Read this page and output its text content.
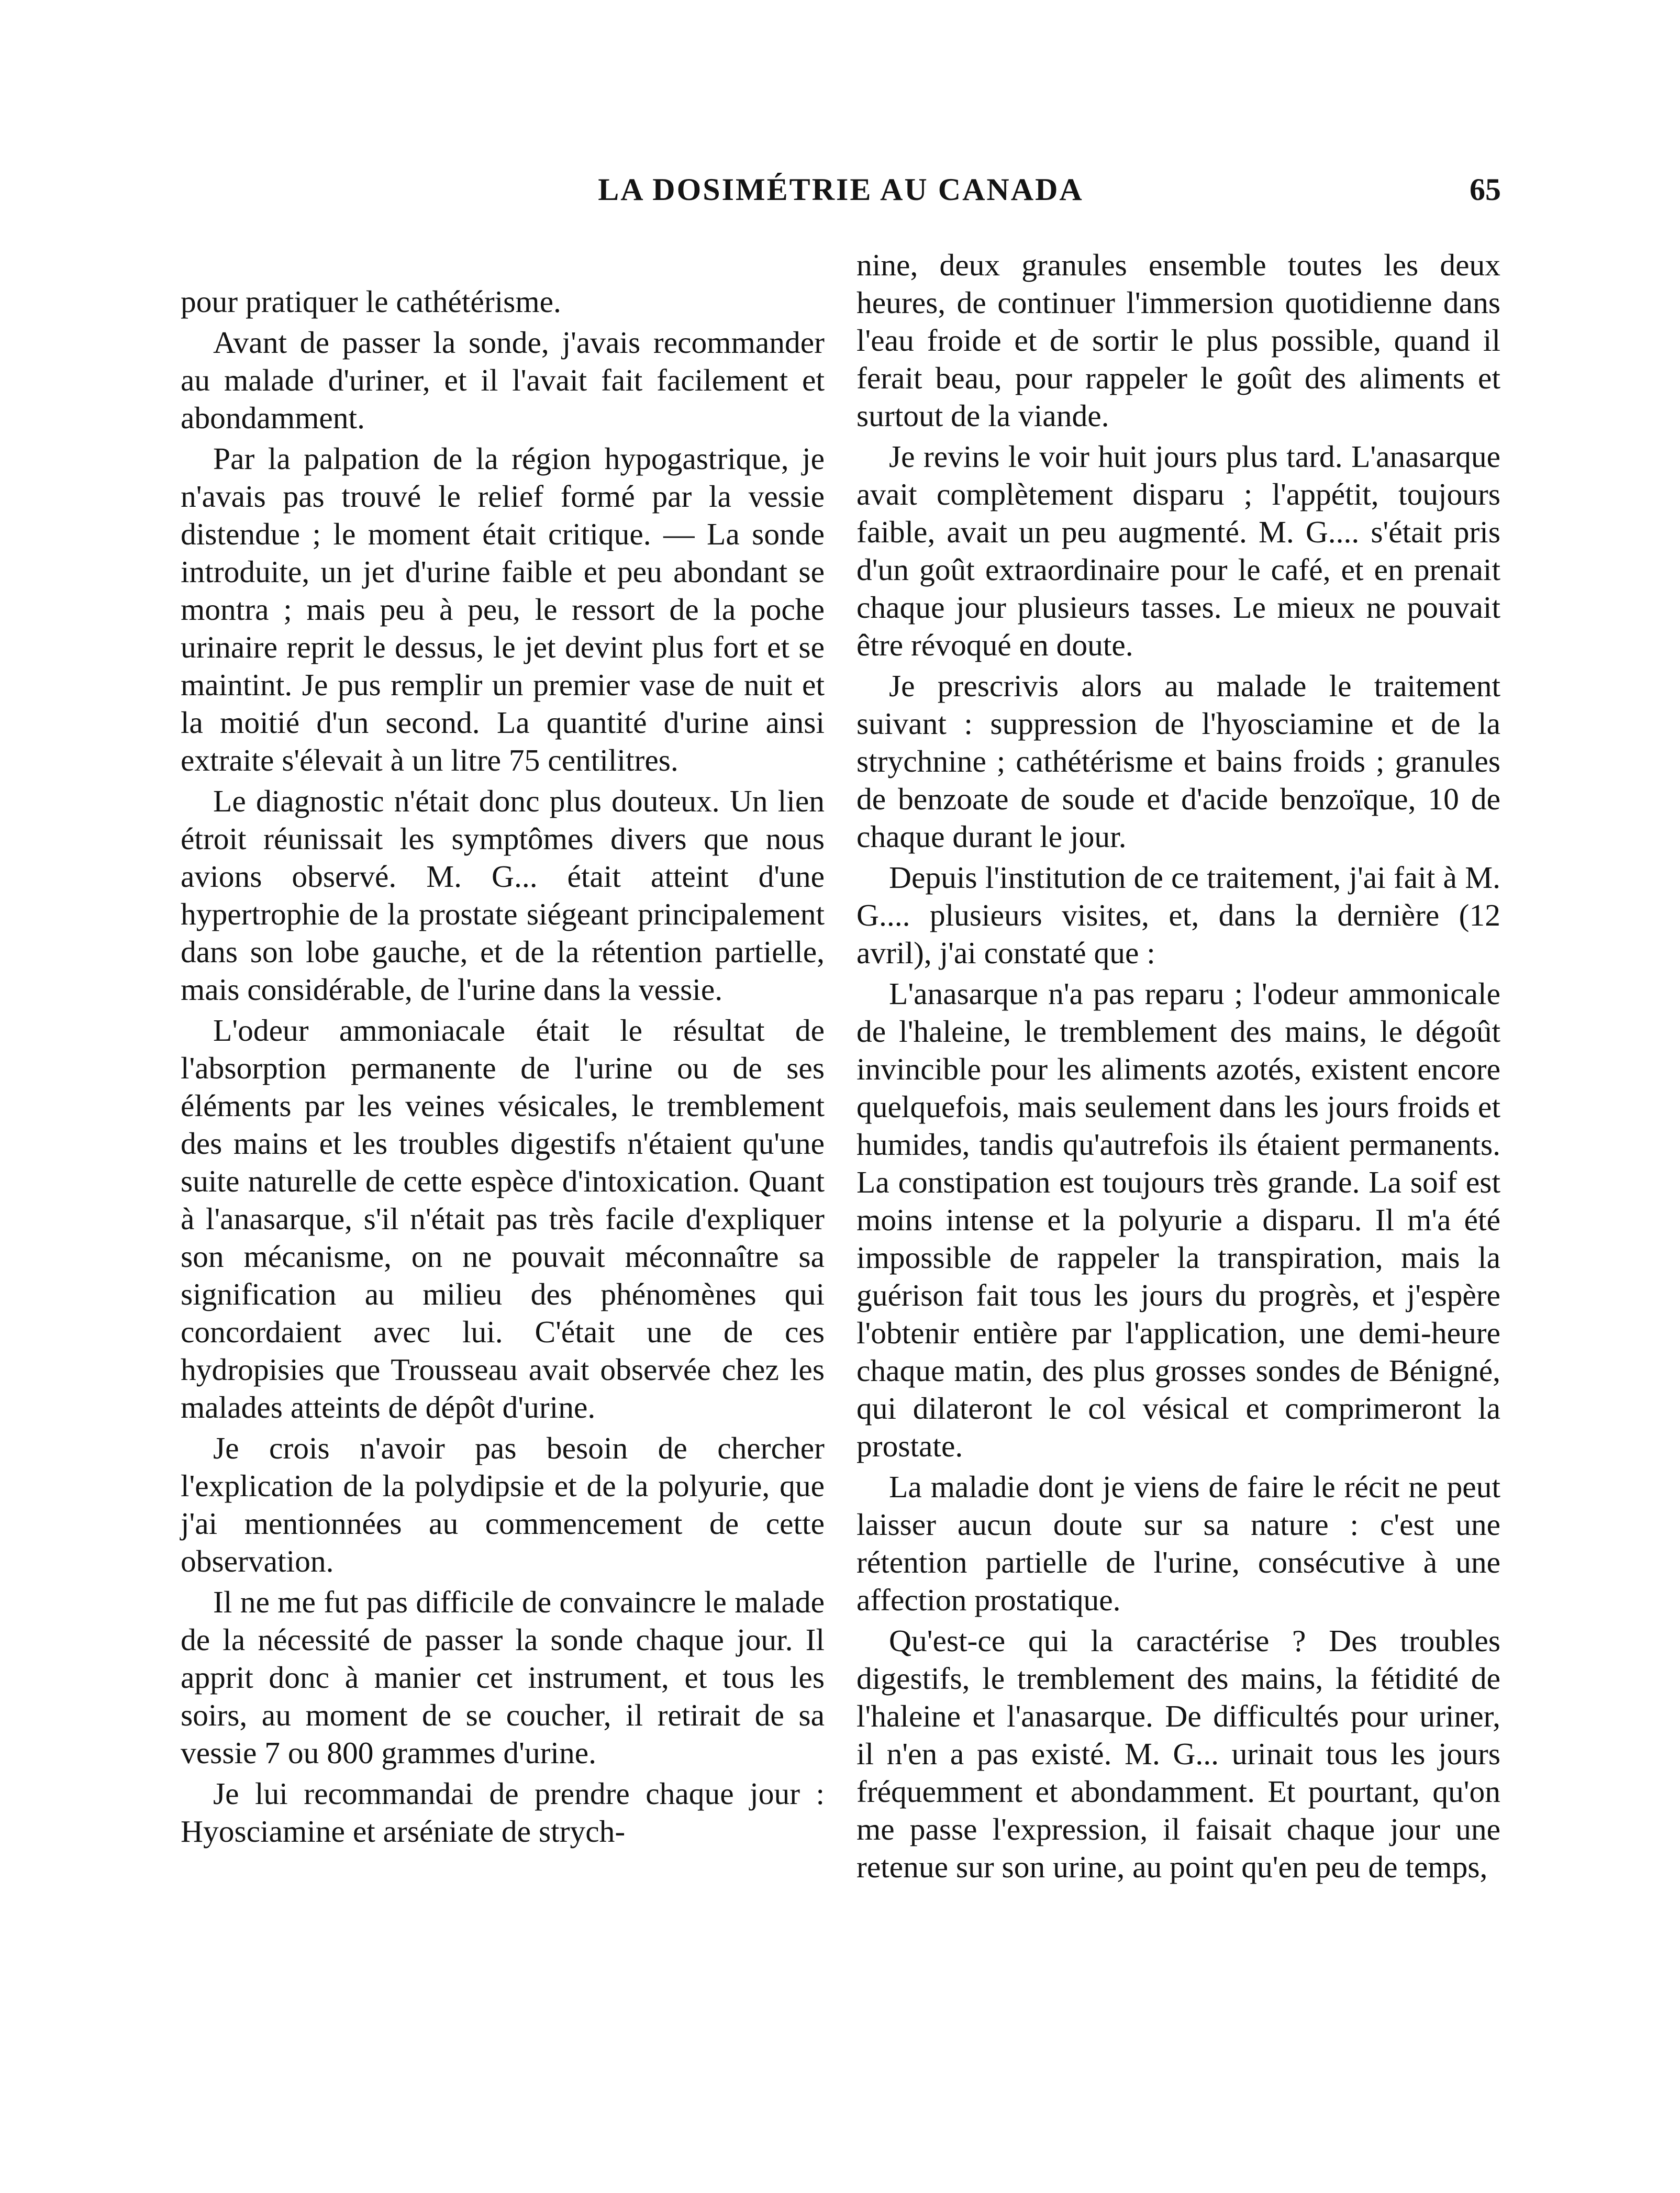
LA DOSIMÉTRIE AU CANADA	65

pour pratiquer le cathétérisme.

Avant de passer la sonde, j'avais recommander au malade d'uriner, et il l'avait fait facilement et abondamment.

Par la palpation de la région hypogastrique, je n'avais pas trouvé le relief formé par la vessie distendue ; le moment était critique. — La sonde introduite, un jet d'urine faible et peu abondant se montra ; mais peu à peu, le ressort de la poche urinaire reprit le dessus, le jet devint plus fort et se maintint. Je pus remplir un premier vase de nuit et la moitié d'un second. La quantité d'urine ainsi extraite s'élevait à un litre 75 centilitres.

Le diagnostic n'était donc plus douteux. Un lien étroit réunissait les symptômes divers que nous avions observé. M. G... était atteint d'une hypertrophie de la prostate siégeant principalement dans son lobe gauche, et de la rétention partielle, mais considérable, de l'urine dans la vessie.

L'odeur ammoniacale était le résultat de l'absorption permanente de l'urine ou de ses éléments par les veines vésicales, le tremblement des mains et les troubles digestifs n'étaient qu'une suite naturelle de cette espèce d'intoxication. Quant à l'anasarque, s'il n'était pas très facile d'expliquer son mécanisme, on ne pouvait méconnaître sa signification au milieu des phénomènes qui concordaient avec lui. C'était une de ces hydropisies que Trousseau avait observée chez les malades atteints de dépôt d'urine.

Je crois n'avoir pas besoin de chercher l'explication de la polydipsie et de la polyurie, que j'ai mentionnées au commencement de cette observation.

Il ne me fut pas difficile de convaincre le malade de la nécessité de passer la sonde chaque jour. Il apprit donc à manier cet instrument, et tous les soirs, au moment de se coucher, il retirait de sa vessie 7 ou 800 grammes d'urine.

Je lui recommandai de prendre chaque jour : Hyosciamine et arséniate de strych-

nine, deux granules ensemble toutes les deux heures, de continuer l'immersion quotidienne dans l'eau froide et de sortir le plus possible, quand il ferait beau, pour rappeler le goût des aliments et surtout de la viande.

Je revins le voir huit jours plus tard. L'anasarque avait complètement disparu ; l'appétit, toujours faible, avait un peu augmenté. M. G.... s'était pris d'un goût extraordinaire pour le café, et en prenait chaque jour plusieurs tasses. Le mieux ne pouvait être révoqué en doute.

Je prescrivis alors au malade le traitement suivant : suppression de l'hyosciamine et de la strychnine ; cathétérisme et bains froids ; granules de benzoate de soude et d'acide benzoïque, 10 de chaque durant le jour.

Depuis l'institution de ce traitement, j'ai fait à M. G.... plusieurs visites, et, dans la dernière (12 avril), j'ai constaté que :

L'anasarque n'a pas reparu ; l'odeur ammonicale de l'haleine, le tremblement des mains, le dégoût invincible pour les aliments azotés, existent encore quelquefois, mais seulement dans les jours froids et humides, tandis qu'autrefois ils étaient permanents. La constipation est toujours très grande. La soif est moins intense et la polyurie a disparu. Il m'a été impossible de rappeler la transpiration, mais la guérison fait tous les jours du progrès, et j'espère l'obtenir entière par l'application, une demi-heure chaque matin, des plus grosses sondes de Bénigné, qui dilateront le col vésical et comprimeront la prostate.

La maladie dont je viens de faire le récit ne peut laisser aucun doute sur sa nature : c'est une rétention partielle de l'urine, consécutive à une affection prostatique.

Qu'est-ce qui la caractérise ? Des troubles digestifs, le tremblement des mains, la fétidité de l'haleine et l'anasarque. De difficultés pour uriner, il n'en a pas existé. M. G... urinait tous les jours fréquemment et abondamment. Et pourtant, qu'on me passe l'expression, il faisait chaque jour une retenue sur son urine, au point qu'en peu de temps,
